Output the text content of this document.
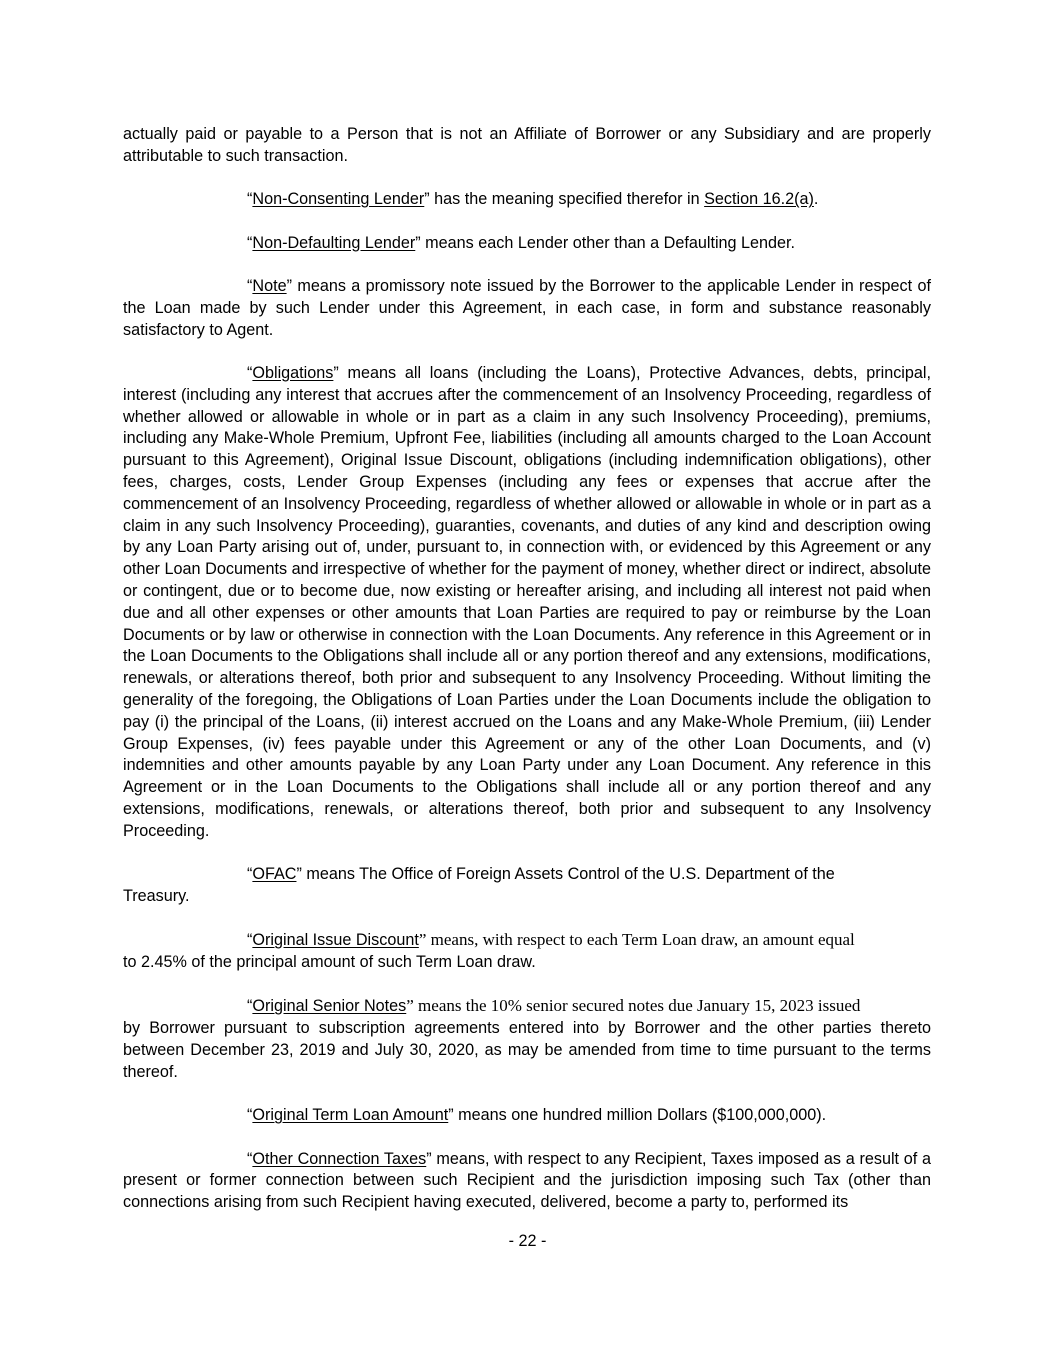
actually paid or payable to a Person that is not an Affiliate of Borrower or any Subsidiary and are properly attributable to such transaction.

“Non-Consenting Lender” has the meaning specified therefor in Section 16.2(a).

“Non-Defaulting Lender” means each Lender other than a Defaulting Lender.

“Note” means a promissory note issued by the Borrower to the applicable Lender in respect of the Loan made by such Lender under this Agreement, in each case, in form and substance reasonably satisfactory to Agent.

“Obligations” means all loans (including the Loans), Protective Advances, debts, principal, interest (including any interest that accrues after the commencement of an Insolvency Proceeding, regardless of whether allowed or allowable in whole or in part as a claim in any such Insolvency Proceeding), premiums, including any Make-Whole Premium, Upfront Fee, liabilities (including all amounts charged to the Loan Account pursuant to this Agreement), Original Issue Discount, obligations (including indemnification obligations), other fees, charges, costs, Lender Group Expenses (including any fees or expenses that accrue after the commencement of an Insolvency Proceeding, regardless of whether allowed or allowable in whole or in part as a claim in any such Insolvency Proceeding), guaranties, covenants, and duties of any kind and description owing by any Loan Party arising out of, under, pursuant to, in connection with, or evidenced by this Agreement or any other Loan Documents and irrespective of whether for the payment of money, whether direct or indirect, absolute or contingent, due or to become due, now existing or hereafter arising, and including all interest not paid when due and all other expenses or other amounts that Loan Parties are required to pay or reimburse by the Loan Documents or by law or otherwise in connection with the Loan Documents. Any reference in this Agreement or in the Loan Documents to the Obligations shall include all or any portion thereof and any extensions, modifications, renewals, or alterations thereof, both prior and subsequent to any Insolvency Proceeding. Without limiting the generality of the foregoing, the Obligations of Loan Parties under the Loan Documents include the obligation to pay (i) the principal of the Loans, (ii) interest accrued on the Loans and any Make-Whole Premium, (iii) Lender Group Expenses, (iv) fees payable under this Agreement or any of the other Loan Documents, and (v) indemnities and other amounts payable by any Loan Party under any Loan Document. Any reference in this Agreement or in the Loan Documents to the Obligations shall include all or any portion thereof and any extensions, modifications, renewals, or alterations thereof, both prior and subsequent to any Insolvency Proceeding.

“OFAC” means The Office of Foreign Assets Control of the U.S. Department of the

Treasury.

“Original Issue Discount” means, with respect to each Term Loan draw, an amount equal

to 2.45% of the principal amount of such Term Loan draw.

“Original Senior Notes” means the 10% senior secured notes due January 15, 2023 issued

by Borrower pursuant to subscription agreements entered into by Borrower and the other parties thereto between December 23, 2019 and July 30, 2020, as may be amended from time to time pursuant to the terms thereof.

“Original Term Loan Amount” means one hundred million Dollars ($100,000,000).

“Other Connection Taxes” means, with respect to any Recipient, Taxes imposed as a result of a present or former connection between such Recipient and the jurisdiction imposing such Tax (other than connections arising from such Recipient having executed, delivered, become a party to, performed its

- 22 -
